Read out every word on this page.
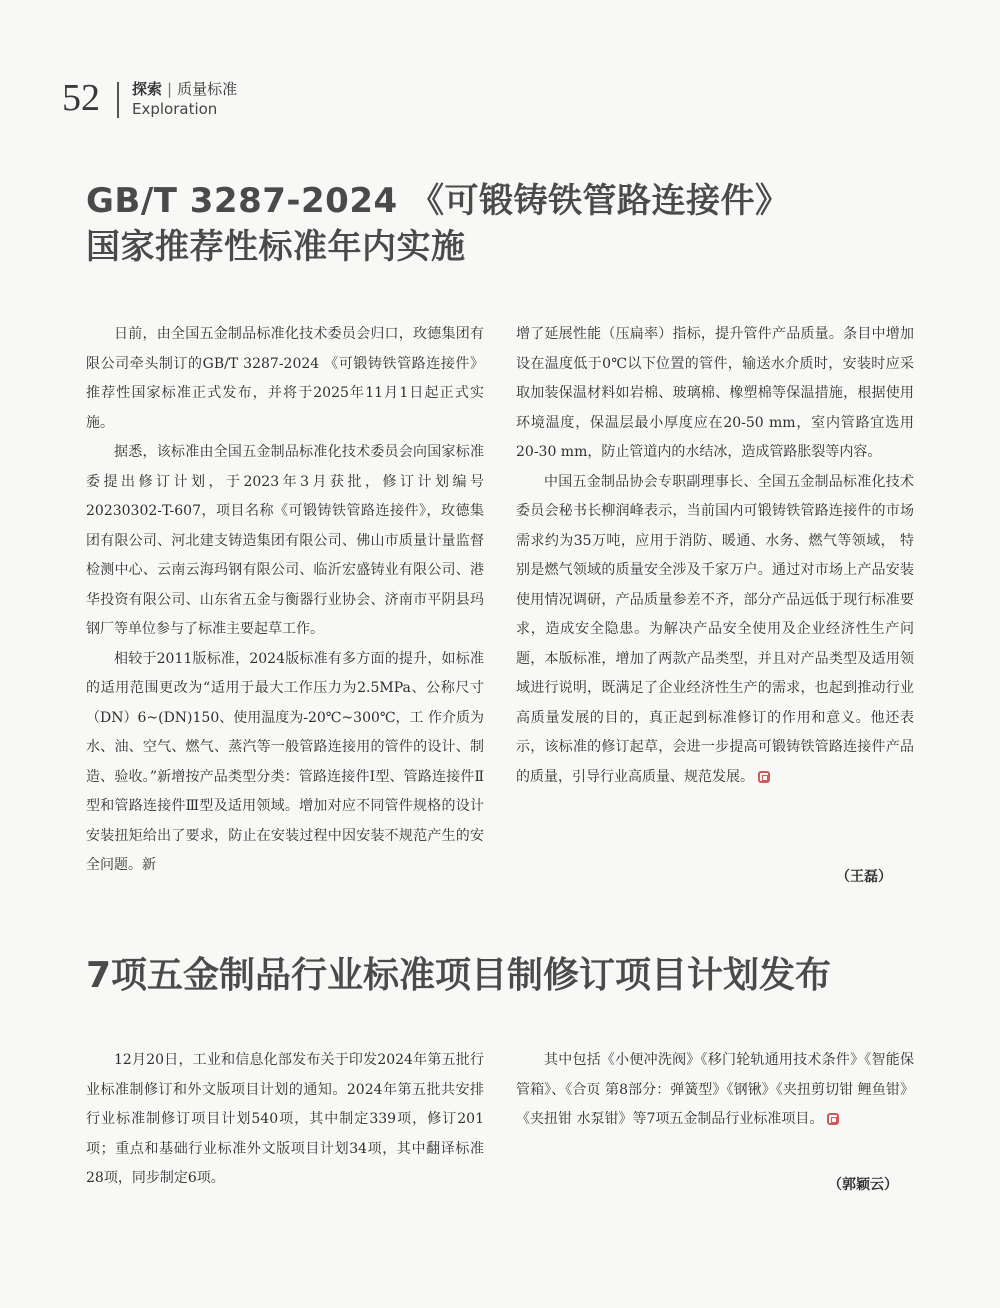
52 探索 | 质量标准
Exploration
GB/T 3287-2024 《可锻铸铁管路连接件》
国家推荐性标准年内实施

日前，由全国五金制品标准化技术委员会归口，玫德集团有限公司牵头制订的GB/T 3287-2024 《可锻铸铁管路连接件》推荐性国家标准正式发布，并将于2025年11月1日起正式实施。

据悉，该标准由全国五金制品标准化技术委员会向国家标准委提出修订计划，于2023年3月获批，修订计划编号20230302-T-607，项目名称《可锻铸铁管路连接件》，玫德集团有限公司、河北建支铸造集团有限公司、佛山市质量计量监督检测中心、云南云海玛钢有限公司、临沂宏盛铸业有限公司、港华投资有限公司、山东省五金与衡器行业协会、济南市平阴县玛钢厂等单位参与了标准主要起草工作。

相较于2011版标准，2024版标准有多方面的提升，如标准的适用范围更改为“适用于最大工作压力为2.5MPa、公称尺寸（DN）6~(DN)150、使用温度为-20℃~300℃，工 作介质为水、油、空气、燃气、蒸汽等一般管路连接用的管件的设计、制造、验收。”新增按产品类型分类：管路连接件Ⅰ型、管路连接件Ⅱ型和管路连接件Ⅲ型及适用领域。增加对应不同管件规格的设计安装扭矩给出了要求，防止在安装过程中因安装不规范产生的安全问题。新

增了延展性能（压扁率）指标，提升管件产品质量。条目中增加设在温度低于0℃以下位置的管件，输送水介质时，安装时应采取加装保温材料如岩棉、玻璃棉、橡塑棉等保温措施，根据使用环境温度，保温层最小厚度应在20-50 mm，室内管路宜选用20-30 mm，防止管道内的水结冰，造成管路胀裂等内容。

中国五金制品协会专职副理事长、全国五金制品标准化技术委员会秘书长柳润峰表示，当前国内可锻铸铁管路连接件的市场需求约为35万吨，应用于消防、暖通、水务、燃气等领域， 特别是燃气领域的质量安全涉及千家万户。通过对市场上产品安装使用情况调研，产品质量参差不齐，部分产品远低于现行标准要求，造成安全隐患。为解决产品安全使用及企业经济性生产问题，本版标准，增加了两款产品类型，并且对产品类型及适用领域进行说明，既满足了企业经济性生产的需求，也起到推动行业高质量发展的目的，真正起到标准修订的作用和意义。他还表示，该标准的修订起草，会进一步提高可锻铸铁管路连接件产品的质量，引导行业高质量、规范发展。

（王磊）
7项五金制品行业标准项目制修订项目计划发布

12月20日，工业和信息化部发布关于印发2024年第五批行业标准制修订和外文版项目计划的通知。2024年第五批共安排行业标准制修订项目计划540项，其中制定339项，修订201项；重点和基础行业标准外文版项目计划34项，其中翻译标准28项，同步制定6项。

其中包括《小便冲洗阀》《移门轮轨通用技术条件》《智能保管箱》、《合页 第8部分：弹簧型》《钢锹》《夹扭剪切钳 鲤鱼钳》《夹扭钳 水泵钳》等7项五金制品行业标准项目。

（郭颖云）
